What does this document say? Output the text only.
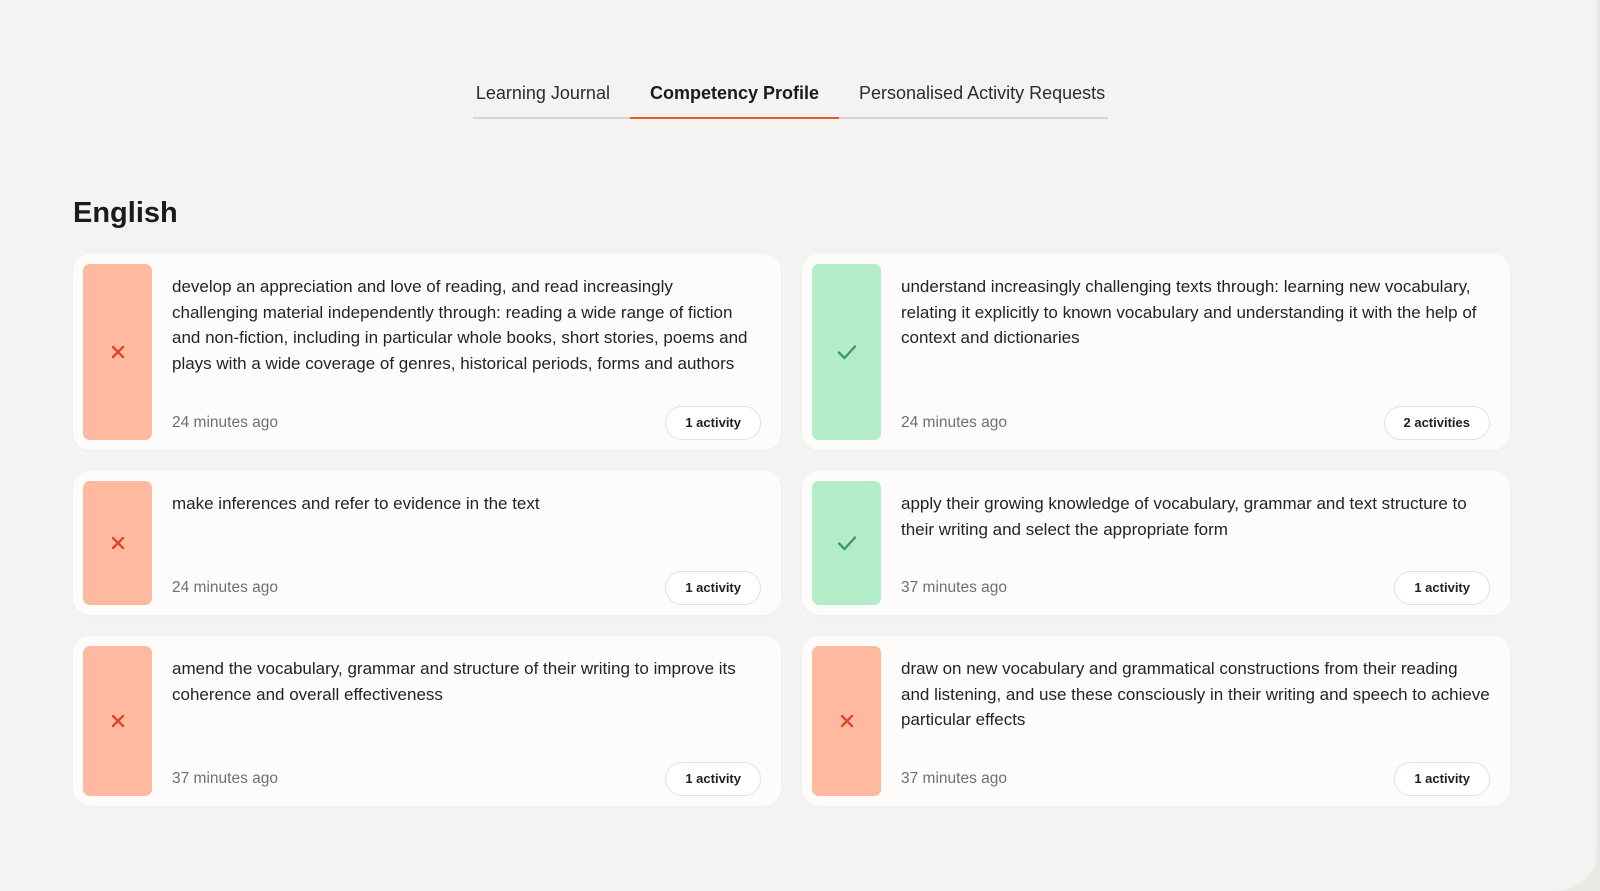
Learning Journal	Competency Profile	Personalised Activity Requests
English

develop an appreciation and love of reading, and read increasingly challenging material independently through: reading a wide range of fiction and non-fiction, including in particular whole books, short stories, poems and plays with a wide coverage of genres, historical periods, forms and authors

24 minutes ago	1 activity

understand increasingly challenging texts through: learning new vocabulary, relating it explicitly to known vocabulary and understanding it with the help of context and dictionaries

24 minutes ago	2 activities

make inferences and refer to evidence in the text

24 minutes ago	1 activity

apply their growing knowledge of vocabulary, grammar and text structure to their writing and select the appropriate form

37 minutes ago	1 activity

amend the vocabulary, grammar and structure of their writing to improve its coherence and overall effectiveness

37 minutes ago	1 activity

draw on new vocabulary and grammatical constructions from their reading and listening, and use these consciously in their writing and speech to achieve particular effects

37 minutes ago	1 activity
